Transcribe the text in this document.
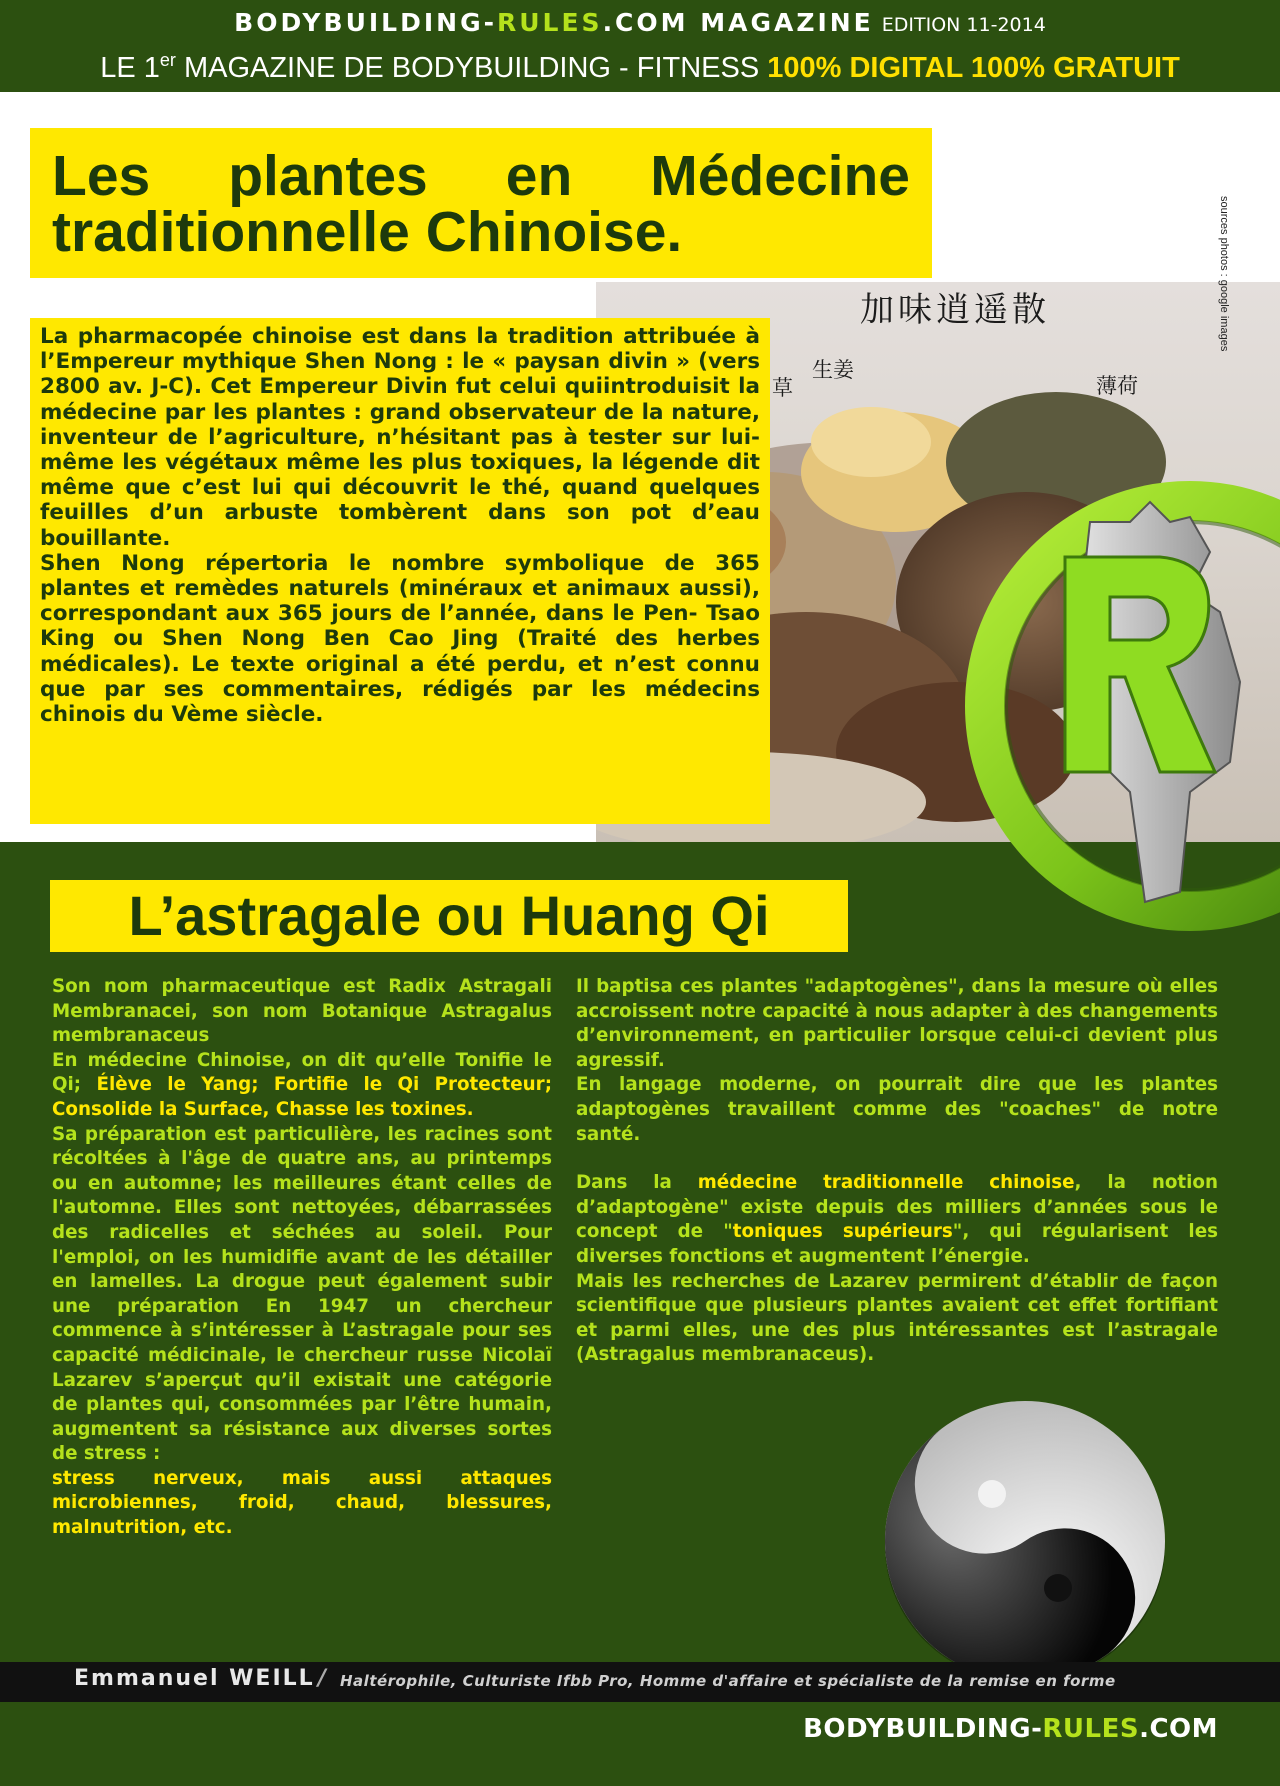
BODYBUILDING-RULES.COM MAGAZINE EDITION 11-2014
LE 1er MAGAZINE DE BODYBUILDING - FITNESS 100% DIGITAL 100% GRATUIT
加味逍遥散
生姜
薄荷
草
sources photos : google images
Les plantes en Médecine traditionnelle Chinoise.

La pharmacopée chinoise est dans la tradition attribuée à l’Empereur mythique Shen Nong : le « paysan divin » (vers 2800 av. J-C). Cet Empereur Divin fut celui quiintroduisit la médecine par les plantes : grand observateur de la nature, inventeur de l’agriculture, n’hésitant pas à tester sur lui-même les végétaux même les plus toxiques, la légende dit même que c’est lui qui découvrit le thé, quand quelques feuilles d’un arbuste tombèrent dans son pot d’eau bouillante.

Shen Nong répertoria le nombre symbolique de 365 plantes et remèdes naturels (minéraux et animaux aussi), correspondant aux 365 jours de l’année, dans le Pen- Tsao King ou Shen Nong Ben Cao Jing (Traité des herbes médicales). Le texte original a été perdu, et n’est connu que par ses commentaires, rédigés par les médecins chinois du Vème siècle.

L’astragale ou Huang Qi

Son nom pharmaceutique est Radix Astragali Membranacei, son nom Botanique Astragalus membranaceus

En médecine Chinoise, on dit qu’elle Tonifie le Qi; Élève le Yang; Fortifie le Qi Protecteur; Consolide la Surface, Chasse les toxines.

Sa préparation est particulière, les racines sont récoltées à l'âge de quatre ans, au printemps ou en automne; les meilleures étant celles de l'automne. Elles sont nettoyées, débarrassées des radicelles et séchées au soleil. Pour l'emploi, on les humidifie avant de les détailler en lamelles. La drogue peut également subir une préparation En 1947 un chercheur commence à s’intéresser à L’astragale pour ses capacité médicinale, le chercheur russe Nicolaï Lazarev s’aperçut qu’il existait une catégorie de plantes qui, consommées par l’être humain, augmentent sa résistance aux diverses sortes de stress :

stress nerveux, mais aussi attaques microbiennes, froid, chaud, blessures, malnutrition, etc.

Il baptisa ces plantes "adaptogènes", dans la mesure où elles accroissent notre capacité à nous adapter à des changements d’environnement, en particulier lorsque celui-ci devient plus agressif.

En langage moderne, on pourrait dire que les plantes adaptogènes travaillent comme des "coaches" de notre santé.

Dans la médecine traditionnelle chinoise, la notion d’adaptogène" existe depuis des milliers d’années sous le concept de "toniques supérieurs", qui régularisent les diverses fonctions et augmentent l’énergie.

Mais les recherches de Lazarev permirent d’établir de façon scientifique que plusieurs plantes avaient cet effet fortifiant et parmi elles, une des plus intéressantes est l’astragale (Astragalus membranaceus).

Emmanuel WEILL / Haltérophile, Culturiste Ifbb Pro, Homme d'affaire et spécialiste de la remise en forme
BODYBUILDING-RULES.COM
